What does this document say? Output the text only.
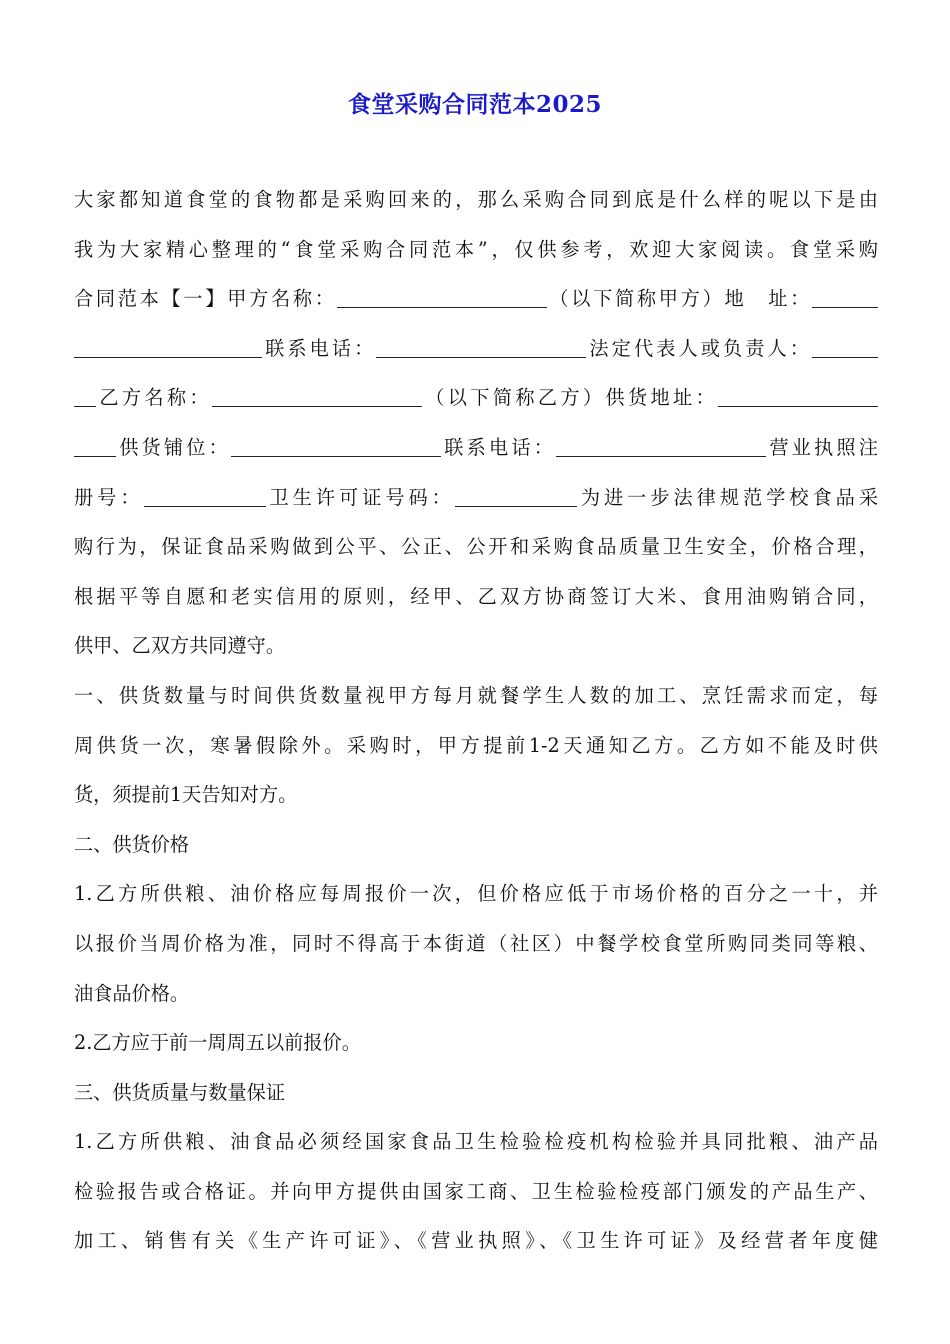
食堂采购合同范本2025
大家都知道食堂的食物都是采购回来的，那么采购合同到底是什么样的呢以下是由
我为大家精心整理的“食堂采购合同范本”，仅供参考，欢迎大家阅读。食堂采购
合同范本【一】甲方名称：	（以下简称甲方）地　址：
联系电话：	法定代表人或负责人：
乙方名称：	（以下简称乙方）供货地址：
供货铺位：	联系电话：	营业执照注
册号：	卫生许可证号码：	为进一步法律规范学校食品采
购行为，保证食品采购做到公平、公正、公开和采购食品质量卫生安全，价格合理，
根据平等自愿和老实信用的原则，经甲、乙双方协商签订大米、食用油购销合同，
供甲、乙双方共同遵守。
一、供货数量与时间供货数量视甲方每月就餐学生人数的加工、烹饪需求而定，每
周供货一次，寒暑假除外。采购时，甲方提前1-2天通知乙方。乙方如不能及时供
货，须提前1天告知对方。
二、供货价格
1.乙方所供粮、油价格应每周报价一次，但价格应低于市场价格的百分之一十，并
以报价当周价格为准，同时不得高于本街道（社区）中餐学校食堂所购同类同等粮、
油食品价格。
2.乙方应于前一周周五以前报价。
三、供货质量与数量保证
1.乙方所供粮、油食品必须经国家食品卫生检验检疫机构检验并具同批粮、油产品
检验报告或合格证。并向甲方提供由国家工商、卫生检验检疫部门颁发的产品生产、
加工、销售有关《生产许可证》、《营业执照》、《卫生许可证》及经营者年度健
